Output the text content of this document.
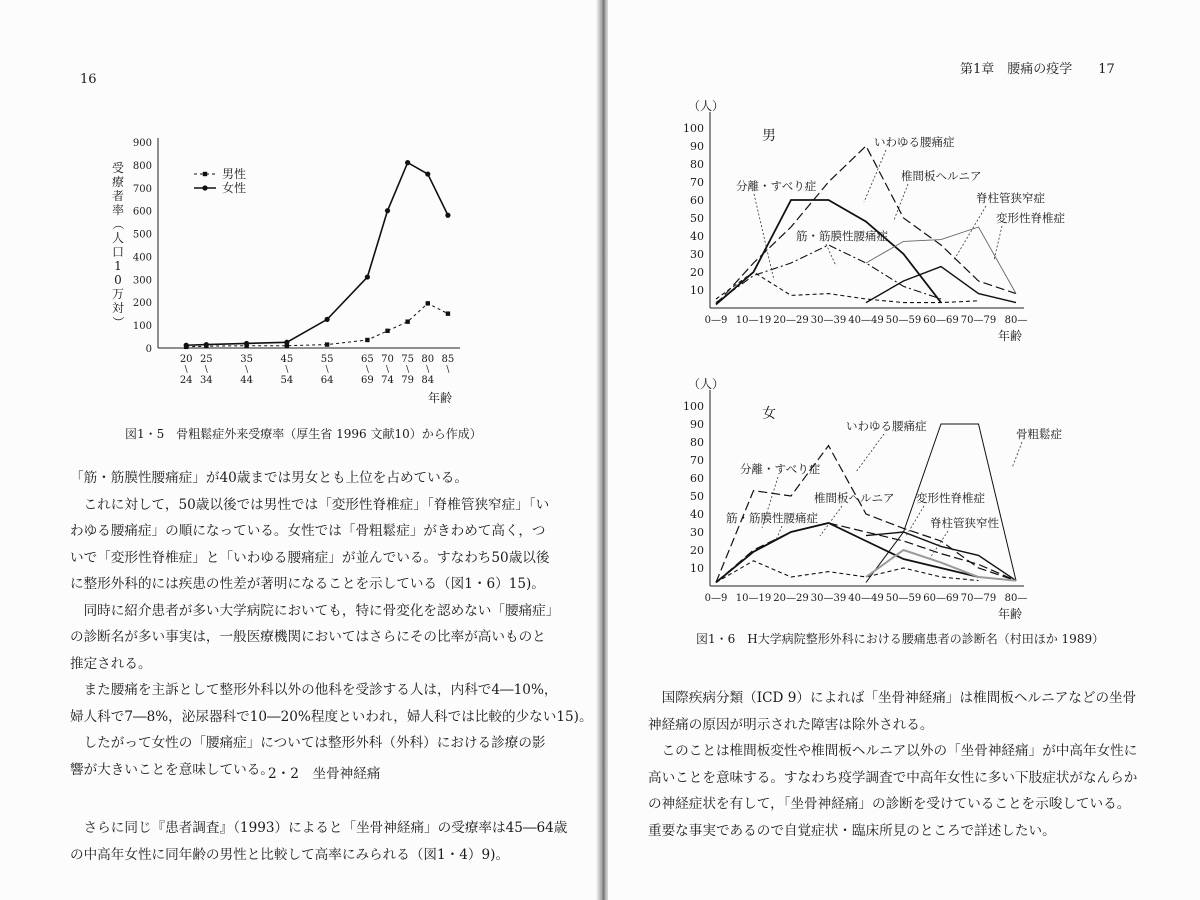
16
受
療
者
率
（
人
口
1
0
万
対
）
0
100
200
300
400
500
600
700
800
900
20
\
24
25
\
34
35
\
44
45
\
54
55
\
64
65
\
69
70
\
74
75
\
79
80
\
84
85
\
男性
女性
年齢
図1・5　骨粗鬆症外来受療率（厚生省 1996 文献10）から作成）

「筋・筋膜性腰痛症」が40歳までは男女とも上位を占めている。

　これに対して，50歳以後では男性では「変形性脊椎症」「脊椎管狭窄症」「い

わゆる腰痛症」の順になっている。女性では「骨粗鬆症」がきわめて高く，つ

いで「変形性脊椎症」と「いわゆる腰痛症」が並んでいる。すなわち50歳以後

に整形外科的には疾患の性差が著明になることを示している（図1・6）15)。

　同時に紹介患者が多い大学病院においても，特に骨変化を認めない「腰痛症」

の診断名が多い事実は，一般医療機関においてはさらにその比率が高いものと

推定される。

　また腰痛を主訴として整形外科以外の他科を受診する人は，内科で4―10%，

婦人科で7―8%，泌尿器科で10―20%程度といわれ，婦人科では比較的少ない15)。

　したがって女性の「腰痛症」については整形外科（外科）における診療の影

響が大きいことを意味している。

2・2　坐骨神経痛

　さらに同じ『患者調査』（1993）によると「坐骨神経痛」の受療率は45―64歳

の中高年女性に同年齢の男性と比較して高率にみられる（図1・4）9)。

第1章　腰痛の疫学　　17
（人）
男
10
20
30
40
50
60
70
80
90
100
0—9 10—19 20—29 30—39 40—49 50—59 60—69 70—79 80—
いわゆる腰痛症
椎間板ヘルニア
脊柱管狭窄症
分離・すべり症
変形性脊椎症
筋・筋膜性腰痛症
年齢
（人）
女
10
20
30
40
50
60
70
80
90
100
0—9 10—19 20—29 30—39 40—49 50—59 60—69 70—79 80—
いわゆる腰痛症
骨粗鬆症
分離・すべり症
椎間板ヘルニア 変形性脊椎症
筋・筋膜性腰痛症	脊柱管狭窄性
年齢
図1・6　H大学病院整形外科における腰痛患者の診断名（村田ほか 1989）

　国際疾病分類（ICD 9）によれば「坐骨神経痛」は椎間板ヘルニアなどの坐骨

神経痛の原因が明示された障害は除外される。

　このことは椎間板変性や椎間板ヘルニア以外の「坐骨神経痛」が中高年女性に

高いことを意味する。すなわち疫学調査で中高年女性に多い下肢症状がなんらか

の神経症状を有して，「坐骨神経痛」の診断を受けていることを示唆している。

重要な事実であるので自覚症状・臨床所見のところで詳述したい。
